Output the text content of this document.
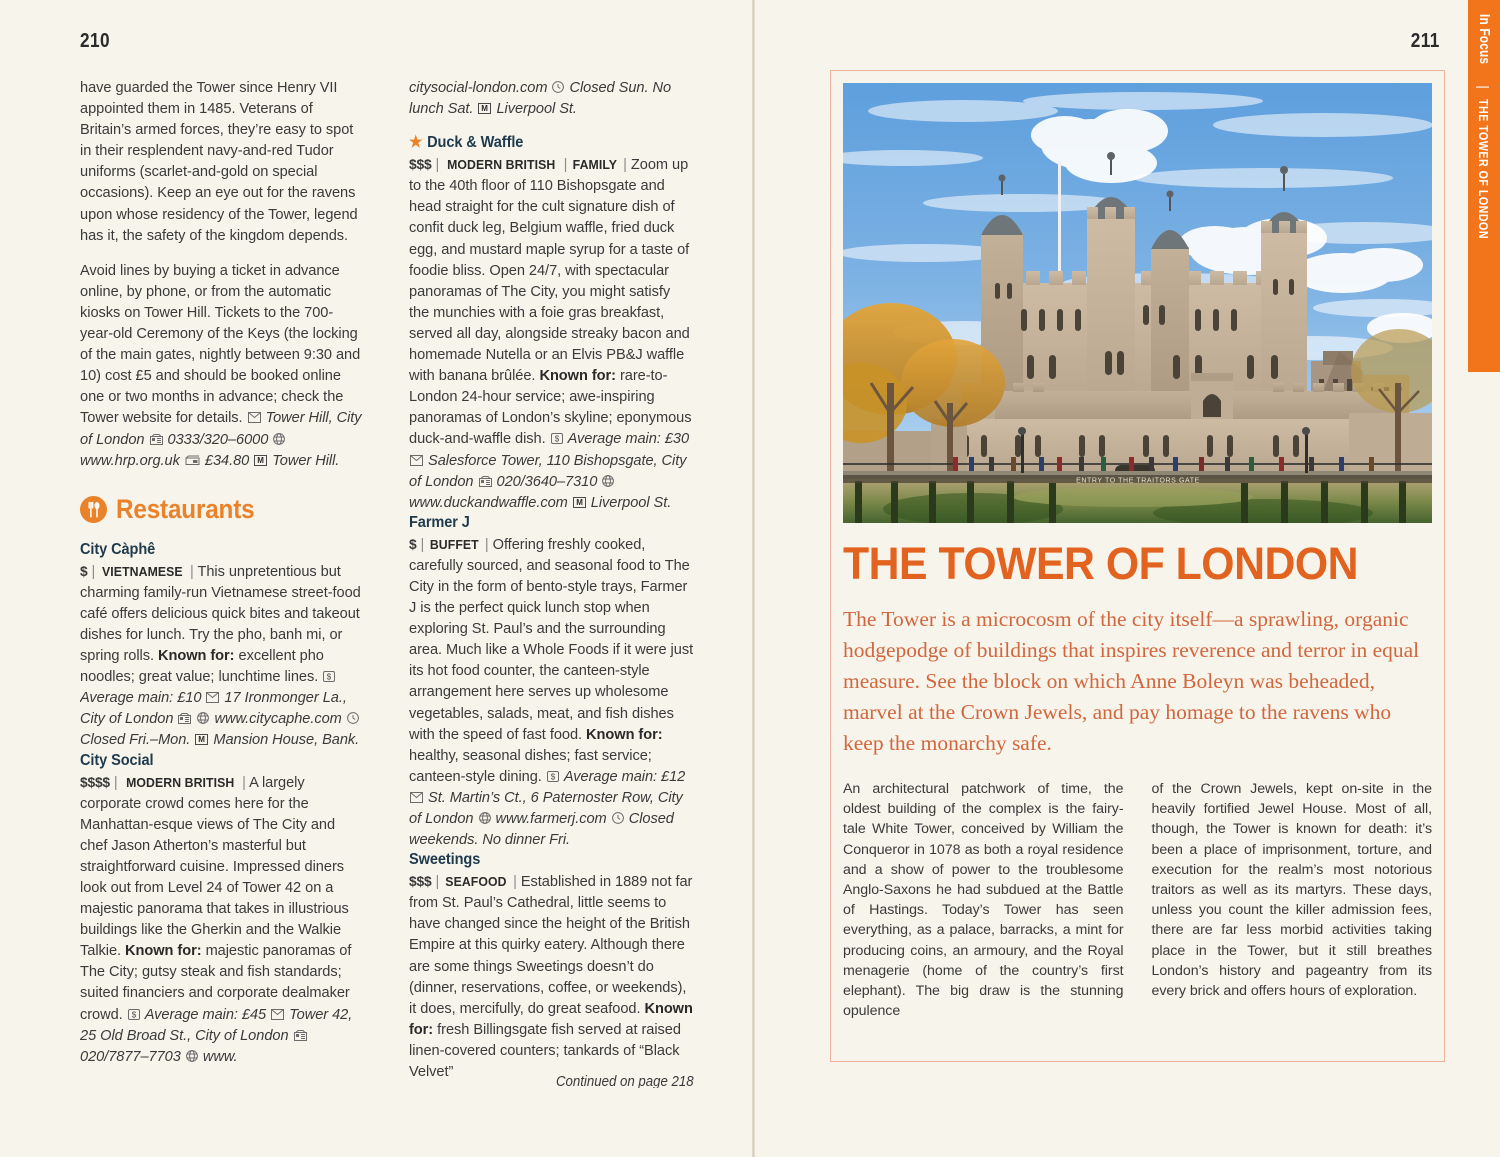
210

have guarded the Tower since Henry VII appointed them in 1485. Veterans of Britain’s armed forces, they’re easy to spot in their resplendent navy-and-red Tudor uniforms (scarlet-and-gold on special occasions). Keep an eye out for the ravens upon whose residency of the Tower, legend has it, the safety of the kingdom depends.

Avoid lines by buying a ticket in advance online, by phone, or from the automatic kiosks on Tower Hill. Tickets to the 700-year-old Ceremony of the Keys (the locking of the main gates, nightly between 9:30 and 10) cost £5 and should be booked online one or two months in advance; check the Tower website for details. Tower Hill, City of London 0333/320–6000
www.hrp.org.uk £34.80 M Tower Hill.

Restaurants
City Càphê

$ | VIETNAMESE | This unpretentious but charming family-run Vietnamese street-food café offers delicious quick bites and takeout dishes for lunch. Try the pho, banh mi, or spring rolls. Known for: excellent pho noodles; great value; lunchtime lines. $
Average main: £10 17 Ironmonger La., City of London
	www.citycaphe.com
Closed Fri.–Mon. M Mansion House, Bank.

City Social

$$$$ | MODERN BRITISH | A largely corporate crowd comes here for the Manhattan-esque views of The City and chef Jason Atherton’s masterful but straightforward cuisine. Impressed diners look out from Level 24 of Tower 42 on a majestic panorama that takes in illustrious buildings like the Gherkin and the Walkie Talkie. Known for: majestic panoramas of The City; gutsy steak and fish standards; suited financiers and corporate dealmaker crowd. $ Average main: £45 Tower 42, 25 Old Broad St., City of London
020/7877–7703 www.

citysocial-london.com Closed Sun. No lunch Sat. M Liverpool St.

★ Duck & Waffle

$$$ | MODERN BRITISH | FAMILY | Zoom up to the 40th floor of 110 Bishopsgate and head straight for the cult signature dish of confit duck leg, Belgium waffle, fried duck egg, and mustard maple syrup for a taste of foodie bliss. Open 24/7, with spectacular panoramas of The City, you might satisfy the munchies with a foie gras breakfast, served all day, alongside streaky bacon and homemade Nutella or an Elvis PB&J waffle with banana brûlée. Known for: rare-to-London 24-hour service; awe-inspiring panoramas of London’s skyline; eponymous duck-and-waffle dish. $ Average main: £30
Salesforce Tower, 110 Bishopsgate, City of London 020/3640–7310
www.duckandwaffle.com M Liverpool St.

Farmer J

$ | BUFFET | Offering freshly cooked, carefully sourced, and seasonal food to The City in the form of bento-style trays, Farmer J is the perfect quick lunch stop when exploring St. Paul’s and the surrounding area. Much like a Whole Foods if it were just its hot food counter, the canteen-style arrangement here serves up wholesome vegetables, salads, meat, and fish dishes with the speed of fast food. Known for: healthy, seasonal dishes; fast service; canteen-style dining. $ Average main: £12
St. Martin’s Ct., 6 Paternoster Row, City of London www.farmerj.com Closed weekends. No dinner Fri.

Sweetings

$$$ | SEAFOOD | Established in 1889 not far from St. Paul’s Cathedral, little seems to have changed since the height of the British Empire at this quirky eatery. Although there are some things Sweetings doesn’t do (dinner, reservations, coffee, or weekends), it does, mercifully, do great seafood. Known for: fresh Billingsgate fish served at raised linen-covered counters; tankards of “Black Velvet”

Continued on page 218
211
ENTRY TO THE TRAITORS GATE
THE TOWER OF LONDON

The Tower is a microcosm of the city itself—a sprawling, organic hodgepodge of buildings that inspires reverence and terror in equal measure. See the block on which Anne Boleyn was beheaded, marvel at the Crown Jewels, and pay homage to the ravens who keep the monarchy safe.

An architectural patchwork of time, the oldest building of the complex is the fairy-tale White Tower, conceived by William the Conqueror in 1078 as both a royal residence and a show of power to the troublesome Anglo-Saxons he had subdued at the Battle of Hastings. Today’s Tower has seen everything, as a palace, barracks, a mint for producing coins, an armoury, and the Royal menagerie (home of the country’s first elephant). The big draw is the stunning opulence

of the Crown Jewels, kept on-site in the heavily fortified Jewel House. Most of all, though, the Tower is known for death: it’s been a place of imprisonment, torture, and execution for the realm’s most notorious traitors as well as its martyrs. These days, unless you count the killer admission fees, there are far less morbid activities taking place in the Tower, but it still breathes London’s history and pageantry from its every brick and offers hours of exploration.

In Focus
|
THE TOWER OF LONDON
